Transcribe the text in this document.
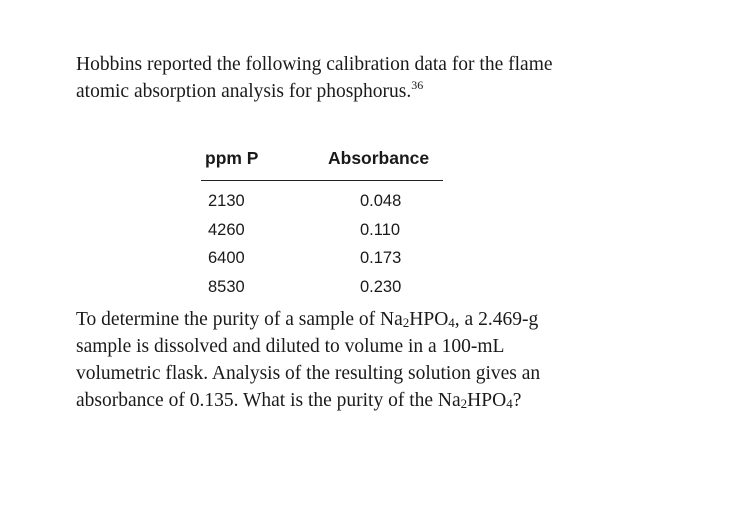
Hobbins reported the following calibration data for the flame
atomic absorption analysis for phosphorus.$^{36}$
ppm P	Absorbance
2130	0.048
4260	0.110
6400	0.173
8530	0.230
To determine the purity of a sample of $Na_2HPO_4$, a 2.469-g
sample is dissolved and diluted to volume in a 100-mL
volumetric flask. Analysis of the resulting solution gives an
absorbance of 0.135. What is the purity of the $Na_2HPO_4$?
